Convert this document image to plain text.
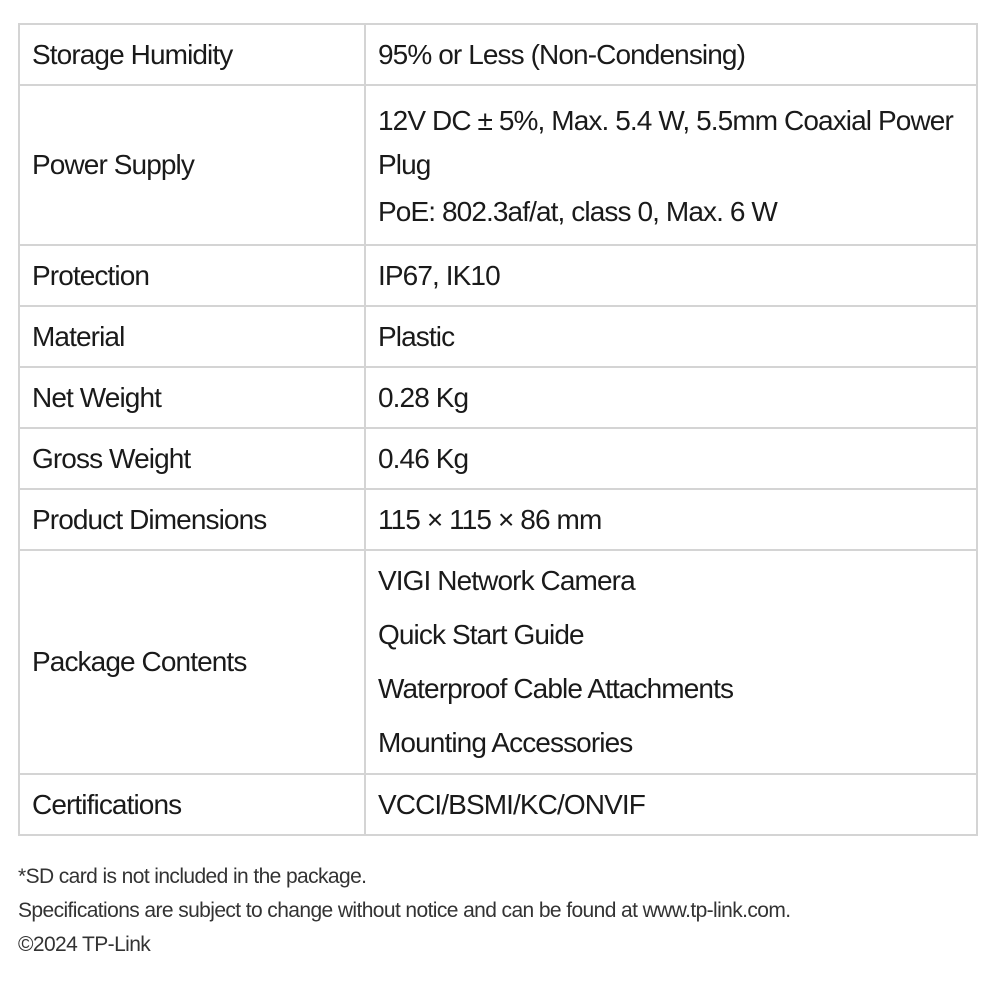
Storage Humidity	95% or Less (Non-Condensing)
Power Supply	12V DC ± 5%, Max. 5.4 W, 5.5mm Coaxial Power Plug
PoE: 802.3af/at, class 0, Max. 6 W

Protection	IP67, IK10
Material	Plastic
Net Weight	0.28 Kg
Gross Weight	0.46 Kg
Product Dimensions	115 × 115 × 86 mm
Package Contents	VIGI Network Camera
Quick Start Guide
Waterproof Cable Attachments
Mounting Accessories

Certifications	VCCI/BSMI/KC/ONVIF
*SD card is not included in the package.
Specifications are subject to change without notice and can be found at www.tp-link.com.
©2024 TP-Link
